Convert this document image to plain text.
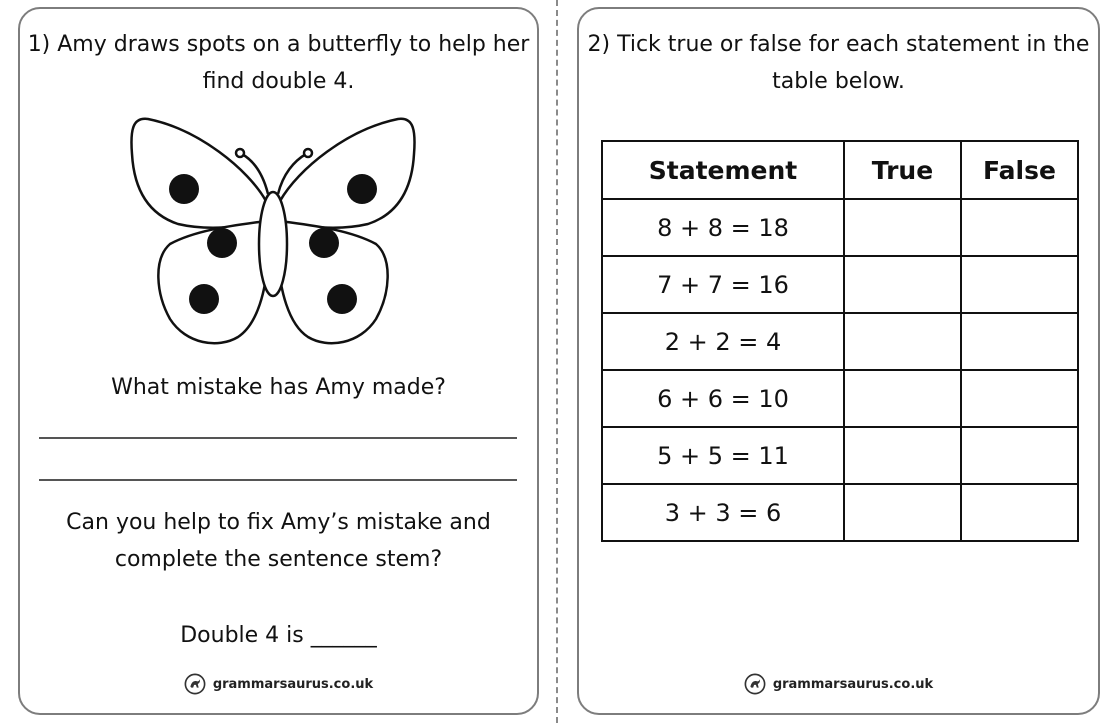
1) Amy draws spots on a butterfly to help her
find double 4.
What mistake has Amy made?
Can you help to fix Amy’s mistake and
complete the sentence stem?
Double 4 is ______
grammarsaurus.co.uk
2) Tick true or false for each statement in the
table below.
Statement	True	False
8 + 8 = 18		
7 + 7 = 16		
2 + 2 = 4		
6 + 6 = 10		
5 + 5 = 11		
3 + 3 = 6		
grammarsaurus.co.uk
